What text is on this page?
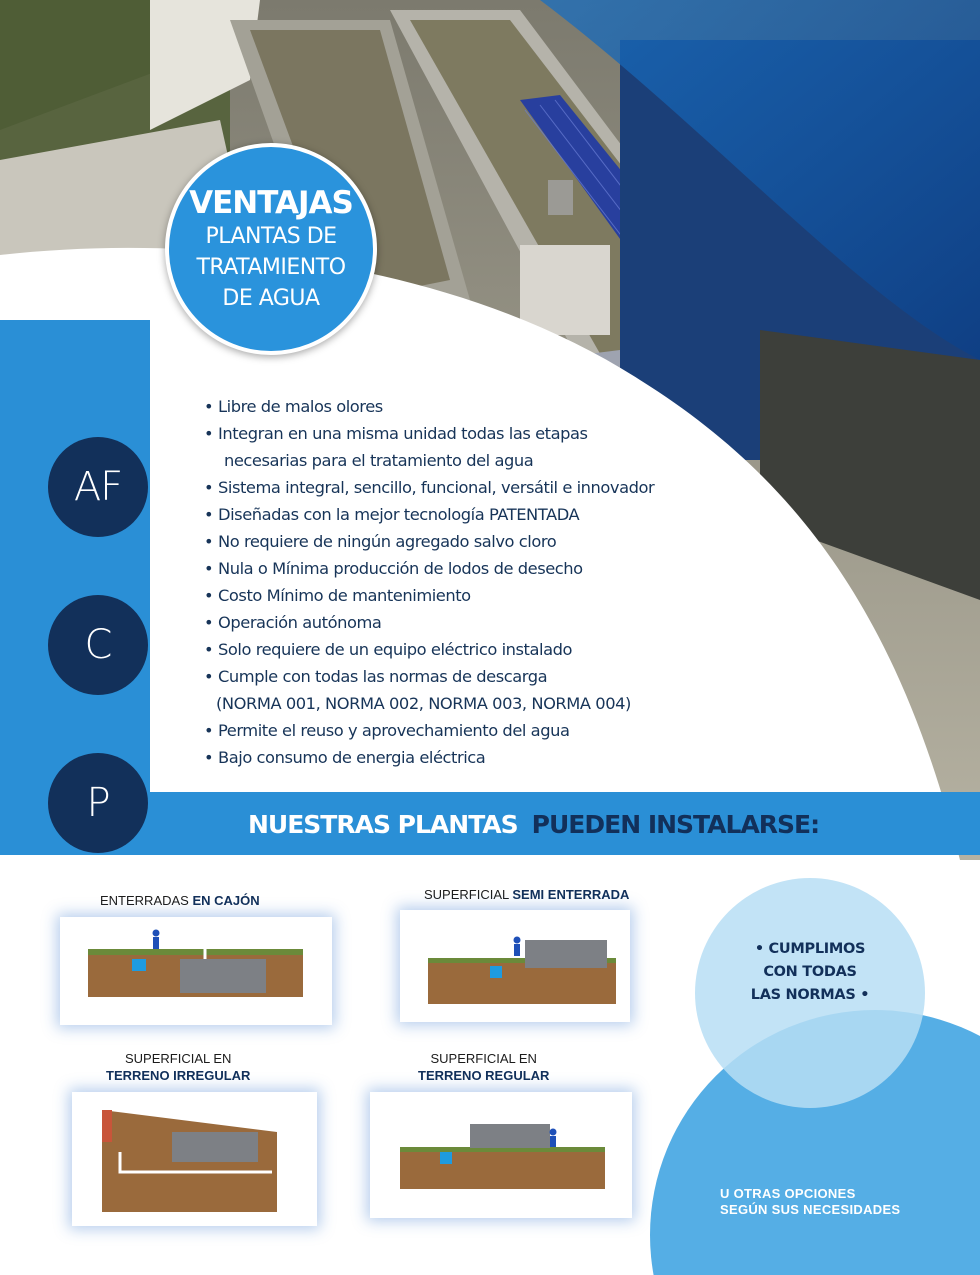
AF
C
P	NUESTRAS PLANTAS PUEDEN INSTALARSE:
VENTAJAS
PLANTAS DE
TRATAMIENTO
DE AGUA
• Libre de malos olores
• Integran en una misma unidad todas las etapas
necesarias para el tratamiento del agua
• Sistema integral, sencillo, funcional, versátil e innovador
• Diseñadas con la mejor tecnología PATENTADA
• No requiere de ningún agregado salvo cloro
• Nula o Mínima producción de lodos de desecho
• Costo Mínimo de mantenimiento
• Operación autónoma
• Solo requiere de un equipo eléctrico instalado
• Cumple con todas las normas de descarga
(NORMA 001, NORMA 002, NORMA 003, NORMA 004)
• Permite el reuso y aprovechamiento del agua
• Bajo consumo de energia eléctrica
• CUMPLIMOS
CON TODAS
LAS NORMAS •
U OTRAS OPCIONES
SEGÚN SUS NECESIDADES
ENTERRADAS EN CAJÓN	SUPERFICIAL SEMI ENTERRADA
SUPERFICIAL EN
TERRENO IRREGULAR
SUPERFICIAL EN
TERRENO REGULAR
